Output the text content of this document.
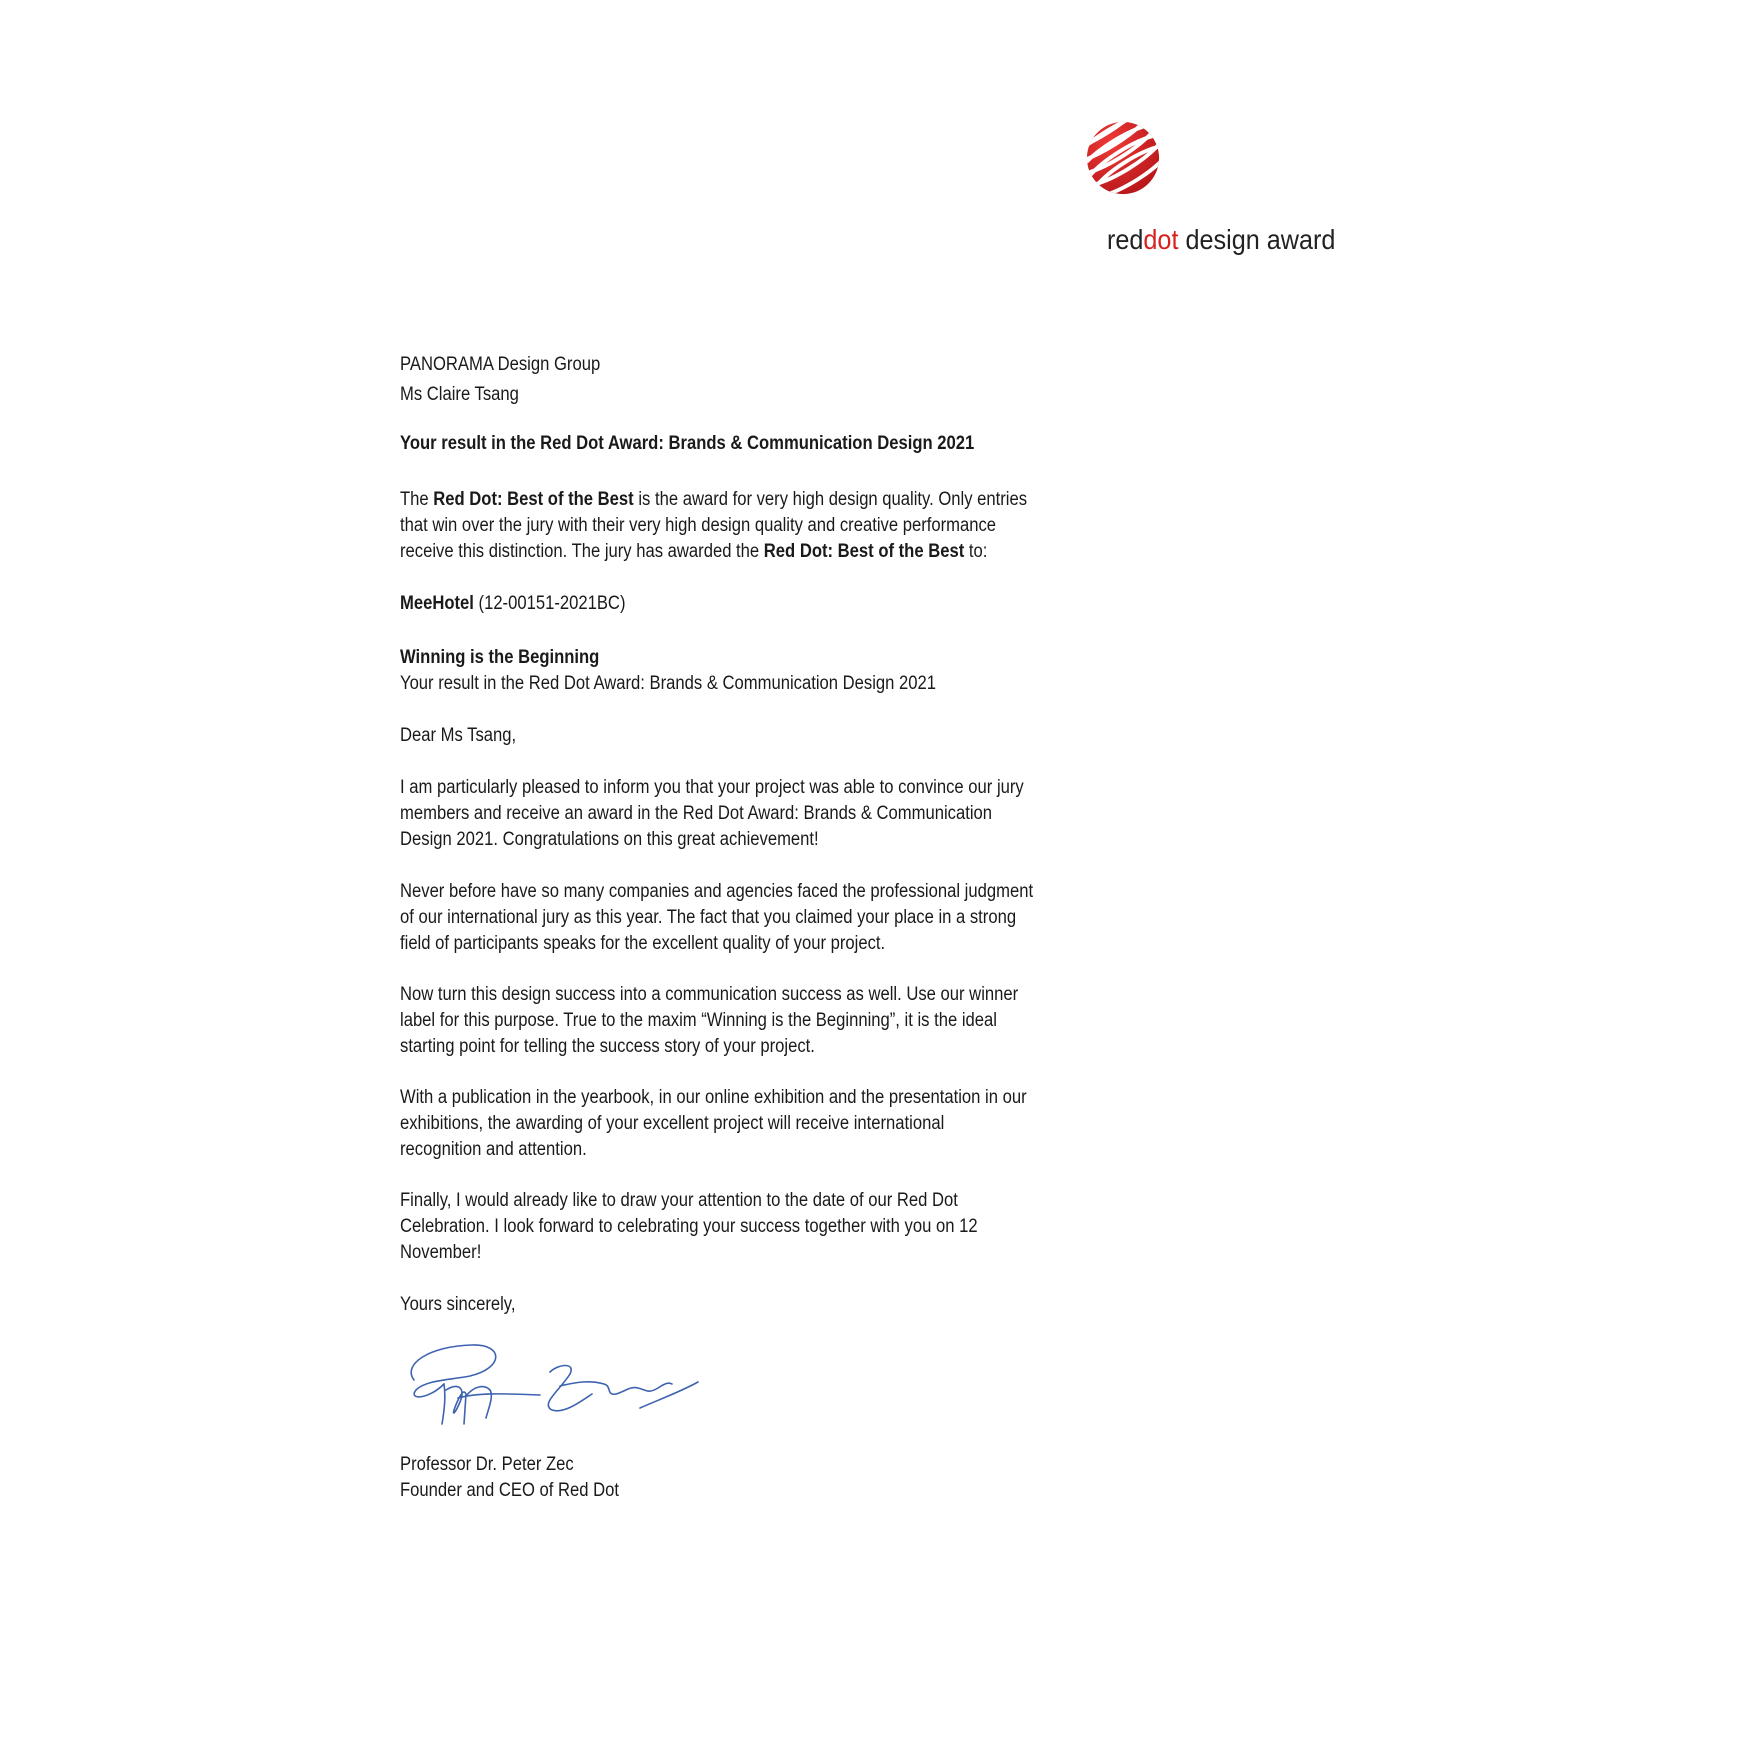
reddot design award
PANORAMA Design Group
Ms Claire Tsang
Your result in the Red Dot Award: Brands & Communication Design 2021
The Red Dot: Best of the Best is the award for very high design quality. Only entries
that win over the jury with their very high design quality and creative performance
receive this distinction. The jury has awarded the Red Dot: Best of the Best to:
MeeHotel (12-00151-2021BC)
Winning is the Beginning
Your result in the Red Dot Award: Brands & Communication Design 2021
Dear Ms Tsang,
I am particularly pleased to inform you that your project was able to convince our jury
members and receive an award in the Red Dot Award: Brands & Communication
Design 2021. Congratulations on this great achievement!
Never before have so many companies and agencies faced the professional judgment
of our international jury as this year. The fact that you claimed your place in a strong
field of participants speaks for the excellent quality of your project.
Now turn this design success into a communication success as well. Use our winner
label for this purpose. True to the maxim “Winning is the Beginning”, it is the ideal
starting point for telling the success story of your project.
With a publication in the yearbook, in our online exhibition and the presentation in our
exhibitions, the awarding of your excellent project will receive international
recognition and attention.
Finally, I would already like to draw your attention to the date of our Red Dot
Celebration. I look forward to celebrating your success together with you on 12
November!
Yours sincerely,
Professor Dr. Peter Zec
Founder and CEO of Red Dot
